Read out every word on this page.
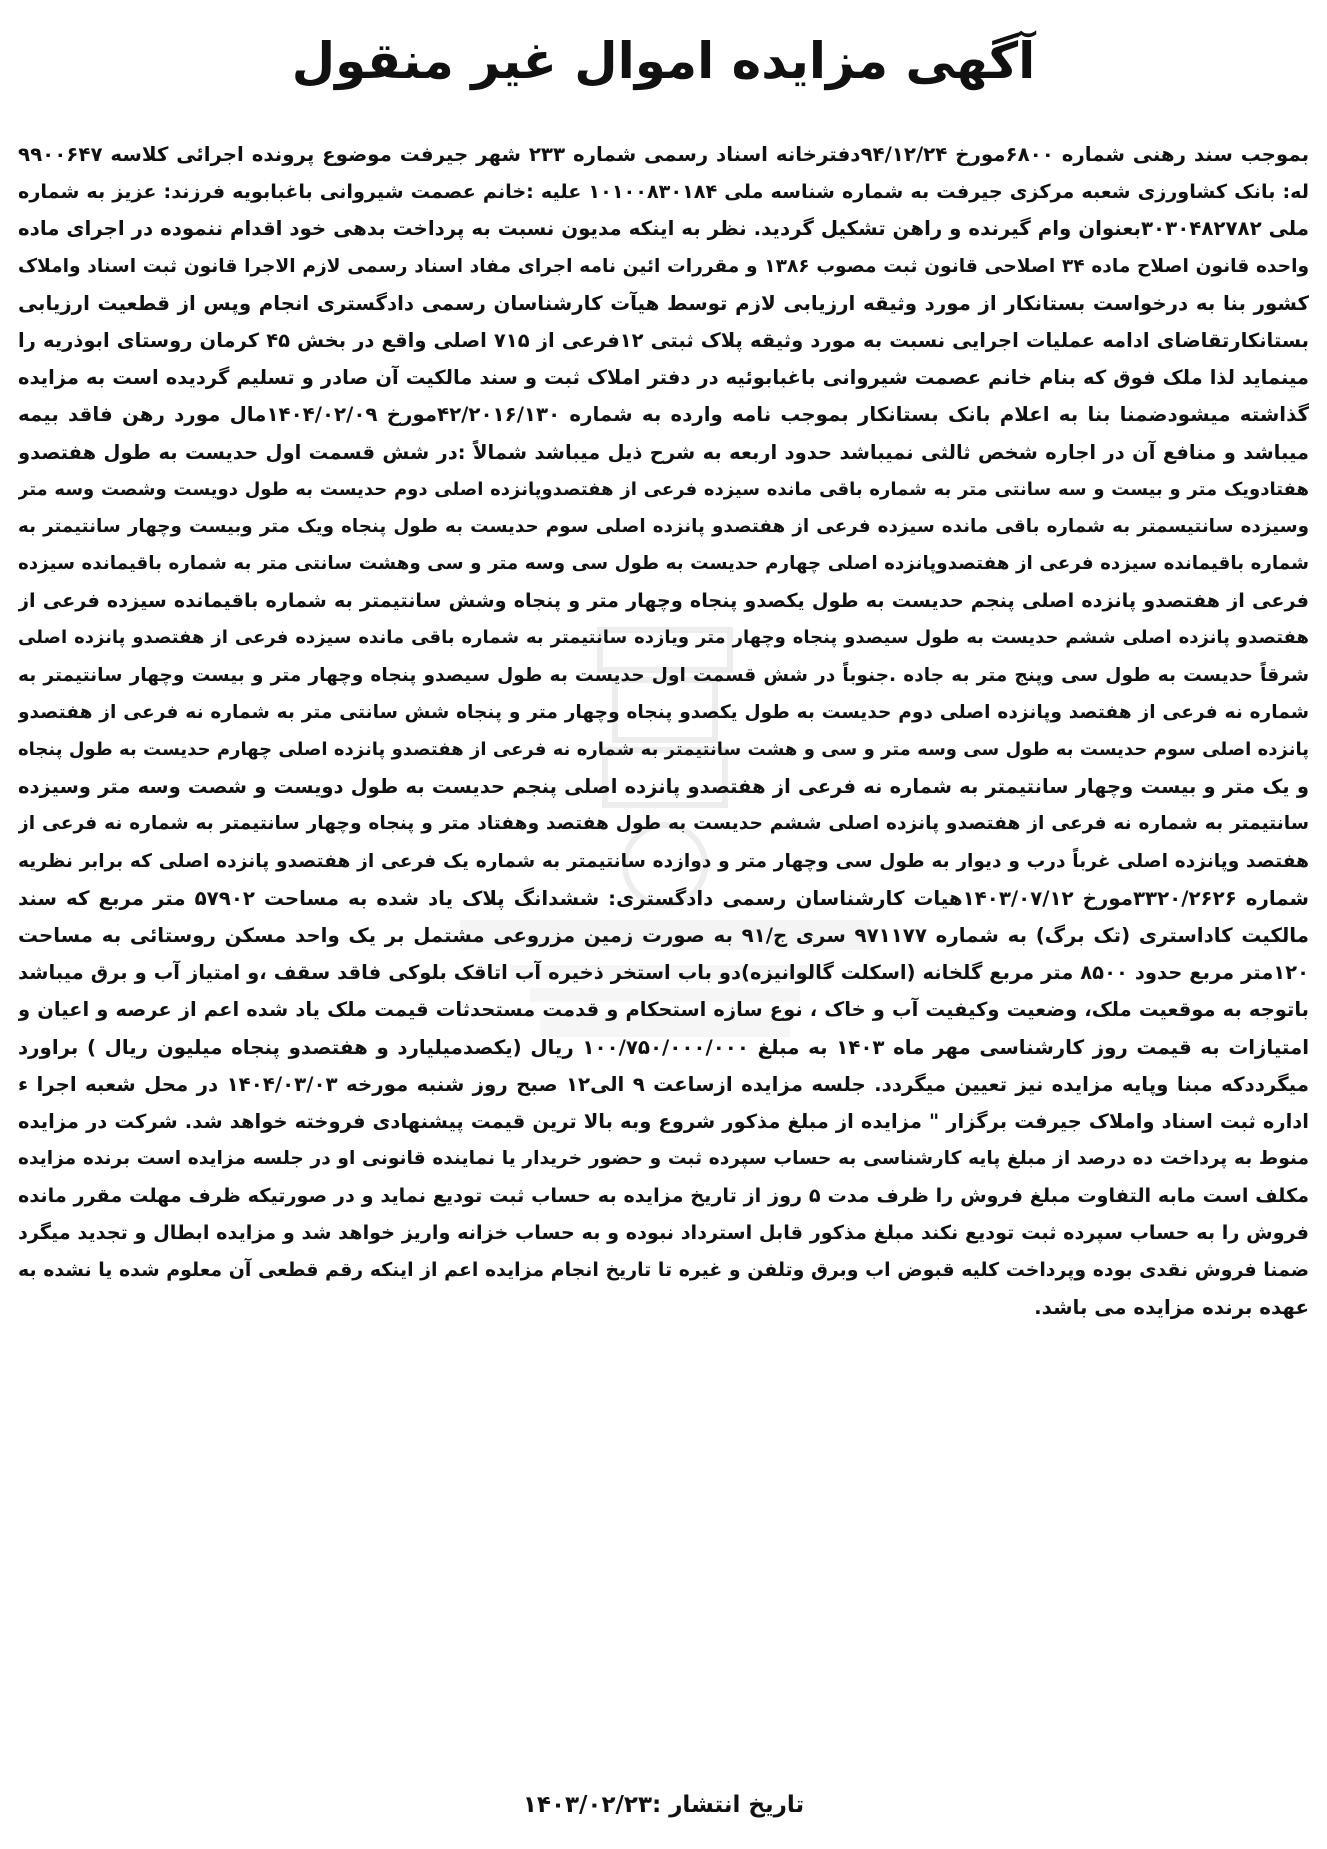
آگهی مزایده اموال غیر منقول
بموجب سند رهنی شماره ۶۸۰۰مورخ ۹۴/۱۲/۲۴دفترخانه اسناد رسمی شماره ۲۳۳ شهر جیرفت موضوع پرونده اجرائی کلاسه ۹۹۰۰۶۴۷
له: بانک کشاورزی شعبه مرکزی جیرفت به شماره شناسه ملی ۱۰۱۰۰۸۳۰۱۸۴ علیه :خانم عصمت شیروانی باغبابویه فرزند: عزیز به شماره
ملی ۳۰۳۰۴۸۲۷۸۲بعنوان وام گیرنده و راهن تشکیل گردید. نظر به اینکه مدیون نسبت به پرداخت بدهی خود اقدام ننموده در اجرای ماده
واحده قانون اصلاح ماده ۳۴ اصلاحی قانون ثبت مصوب ۱۳۸۶ و مقررات ائین نامه اجرای مفاد اسناد رسمی لازم الاجرا قانون ثبت اسناد واملاک
کشور بنا به درخواست بستانکار از مورد وثیقه ارزیابی لازم توسط هیآت کارشناسان رسمی دادگستری انجام وپس از قطعیت ارزیابی
بستانکارتقاضای ادامه عملیات اجرایی نسبت به مورد وثیقه پلاک ثبتی ۱۲فرعی از ۷۱۵ اصلی واقع در بخش ۴۵ کرمان روستای ابوذریه را
مینماید لذا ملک فوق که بنام خانم عصمت شیروانی باغبابوئیه در دفتر املاک ثبت و سند مالکیت آن صادر و تسلیم گردیده است به مزایده
گذاشته میشودضمنا بنا به اعلام بانک بستانکار بموجب نامه وارده به شماره ۴۲/۲۰۱۶/۱۳۰مورخ ۱۴۰۴/۰۲/۰۹مال مورد رهن فاقد بیمه
میباشد و منافع آن در اجاره شخص ثالثی نمیباشد حدود اربعه به شرح ذیل میباشد شمالاً :در شش قسمت اول حدیست به طول هفتصدو
هفتادویک متر و بیست و سه سانتی متر به شماره باقی مانده سیزده فرعی از هفتصدوپانزده اصلی دوم حدیست به طول دویست وشصت وسه متر
وسیزده سانتیسمتر به شماره باقی مانده سیزده فرعی از هفتصدو پانزده اصلی سوم حدیست به طول پنجاه ویک متر وبیست وچهار سانتیمتر به
شماره باقیمانده سیزده فرعی از هفتصدوپانزده اصلی چهارم حدیست به طول سی وسه متر و سی وهشت سانتی متر به شماره باقیمانده سیزده
فرعی از هفتصدو پانزده اصلی پنجم حدیست به طول یکصدو پنجاه وچهار متر و پنجاه وشش سانتیمتر به شماره باقیمانده سیزده فرعی از
هفتصدو پانزده اصلی ششم حدیست به طول سیصدو پنجاه وچهار متر ویازده سانتیمتر به شماره باقی مانده سیزده فرعی از هفتصدو پانزده اصلی
شرقاً حدیست به طول سی وپنج متر به جاده .جنوباً در شش قسمت اول حدیست به طول سیصدو پنجاه وچهار متر و بیست وچهار سانتیمتر به
شماره نه فرعی از هفتصد وپانزده اصلی دوم حدیست به طول یکصدو پنجاه وچهار متر و پنجاه شش سانتی متر به شماره نه فرعی از هفتصدو
پانزده اصلی سوم حدیست به طول سی وسه متر و سی و هشت سانتیمتر به شماره نه فرعی از هفتصدو پانزده اصلی چهارم حدیست به طول پنجاه
و یک متر و بیست وچهار سانتیمتر به شماره نه فرعی از هفتصدو پانزده اصلی پنجم حدیست به طول دویست و شصت وسه متر وسیزده
سانتیمتر به شماره نه فرعی از هفتصدو پانزده اصلی ششم حدیست به طول هفتصد وهفتاد متر و پنجاه وچهار سانتیمتر به شماره نه فرعی از
هفتصد وپانزده اصلی غرباً درب و دیوار به طول سی وچهار متر و دوازده سانتیمتر به شماره یک فرعی از هفتصدو پانزده اصلی که برابر نظریه
شماره ۳۳۲۰/۲۶۲۶مورخ ۱۴۰۳/۰۷/۱۲هیات کارشناسان رسمی دادگستری: ششدانگ پلاک یاد شده به مساحت ۵۷۹۰۲ متر مربع که سند
مالکیت کاداستری (تک برگ) به شماره ۹۷۱۱۷۷ سری ج/۹۱ به صورت زمین مزروعی مشتمل بر یک واحد مسکن روستائی به مساحت
۱۲۰متر مربع حدود ۸۵۰۰ متر مربع گلخانه (اسکلت گالوانیزه)دو باب استخر ذخیره آب اتاقک بلوکی فاقد سقف ،و امتیاز آب و برق میباشد
باتوجه به موقعیت ملک، وضعیت وکیفیت آب و خاک ، نوع سازه استحکام و قدمت مستحدثات قیمت ملک یاد شده اعم از عرصه و اعیان و
امتیازات به قیمت روز کارشناسی مهر ماه ۱۴۰۳ به مبلغ ۱۰۰/۷۵۰/۰۰۰/۰۰۰ ریال (یکصدمیلیارد و هفتصدو پنجاه میلیون ریال ) براورد
میگرددکه مبنا وپایه مزایده نیز تعیین میگردد. جلسه مزایده ازساعت ۹ الی۱۲ صبح روز شنبه مورخه ۱۴۰۴/۰۳/۰۳ در محل شعبه اجرا ء
اداره ثبت اسناد واملاک جیرفت برگزار " مزایده از مبلغ مذکور شروع وبه بالا ترین قیمت پیشنهادی فروخته خواهد شد. شرکت در مزایده
منوط به پرداخت ده درصد از مبلغ پایه کارشناسی به حساب سپرده ثبت و حضور خریدار یا نماینده قانونی او در جلسه مزایده است برنده مزایده
مکلف است مابه التفاوت مبلغ فروش را ظرف مدت ۵ روز از تاریخ مزایده به حساب ثبت تودیع نماید و در صورتیکه ظرف مهلت مقرر مانده
فروش را به حساب سپرده ثبت تودیع نکند مبلغ مذکور قابل استرداد نبوده و به حساب خزانه واریز خواهد شد و مزایده ابطال و تجدید میگرد
ضمنا فروش نقدی بوده وپرداخت کلیه قبوض اب وبرق وتلفن و غیره تا تاریخ انجام مزایده اعم از اینکه رقم قطعی آن معلوم شده یا نشده به
عهده برنده مزایده می باشد.
تاریخ انتشار :۱۴۰۳/۰۲/۲۳
